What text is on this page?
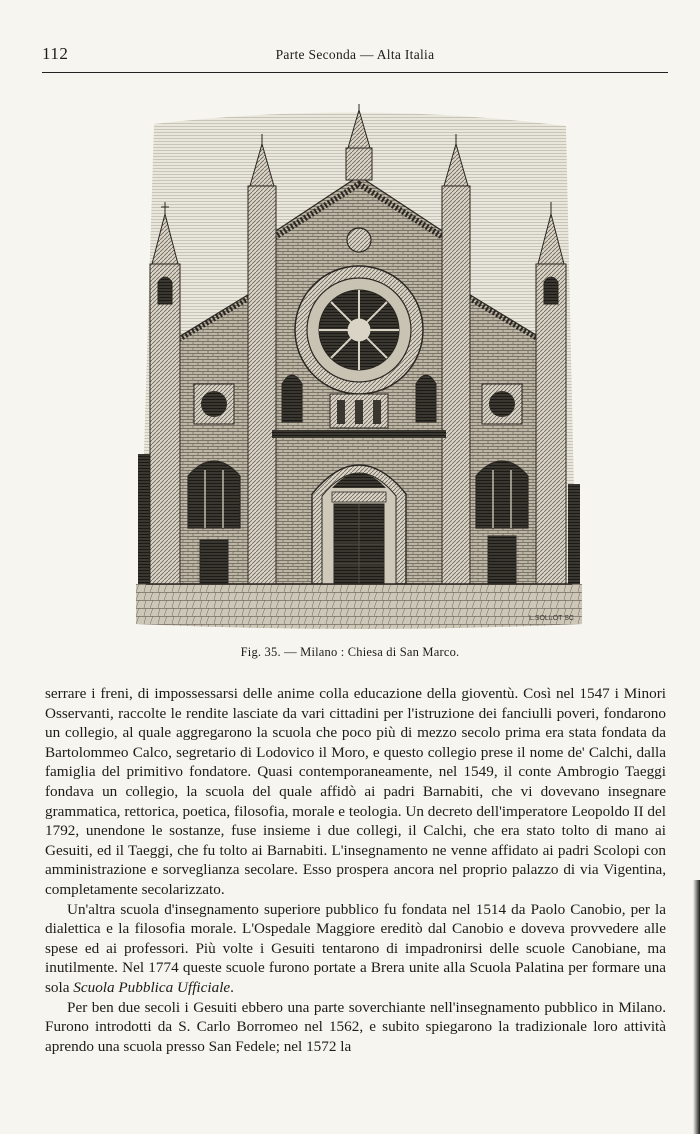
112	Parte Seconda — Alta Italia
L.SOLLOT SC
Fig. 35. — Milano : Chiesa di San Marco.

serrare i freni, di impossessarsi delle anime colla educazione della gioventù. Così nel 1547 i Minori Osservanti, raccolte le rendite lasciate da vari cittadini per l'istruzione dei fanciulli poveri, fondarono un collegio, al quale aggregarono la scuola che poco più di mezzo secolo prima era stata fondata da Bartolommeo Calco, segretario di Lodovico il Moro, e questo collegio prese il nome de' Calchi, dalla famiglia del primitivo fondatore. Quasi contemporaneamente, nel 1549, il conte Ambrogio Taeggi fondava un collegio, la scuola del quale affidò ai padri Barnabiti, che vi dovevano insegnare grammatica, rettorica, poetica, filosofia, morale e teologia. Un decreto dell'imperatore Leopoldo II del 1792, unendone le sostanze, fuse insieme i due collegi, il Calchi, che era stato tolto di mano ai Gesuiti, ed il Taeggi, che fu tolto ai Barnabiti. L'insegnamento ne venne affidato ai padri Scolopi con amministrazione e sorveglianza secolare. Esso prospera ancora nel proprio palazzo di via Vigentina, completamente secolarizzato.

Un'altra scuola d'insegnamento superiore pubblico fu fondata nel 1514 da Paolo Canobio, per la dialettica e la filosofia morale. L'Ospedale Maggiore ereditò dal Canobio e doveva provvedere alle spese ed ai professori. Più volte i Gesuiti tentarono di impadronirsi delle scuole Canobiane, ma inutilmente. Nel 1774 queste scuole furono portate a Brera unite alla Scuola Palatina per formare una sola Scuola Pubblica Ufficiale.

Per ben due secoli i Gesuiti ebbero una parte soverchiante nell'insegnamento pubblico in Milano. Furono introdotti da S. Carlo Borromeo nel 1562, e subito spiegarono la tradizionale loro attività aprendo una scuola presso San Fedele; nel 1572 la
